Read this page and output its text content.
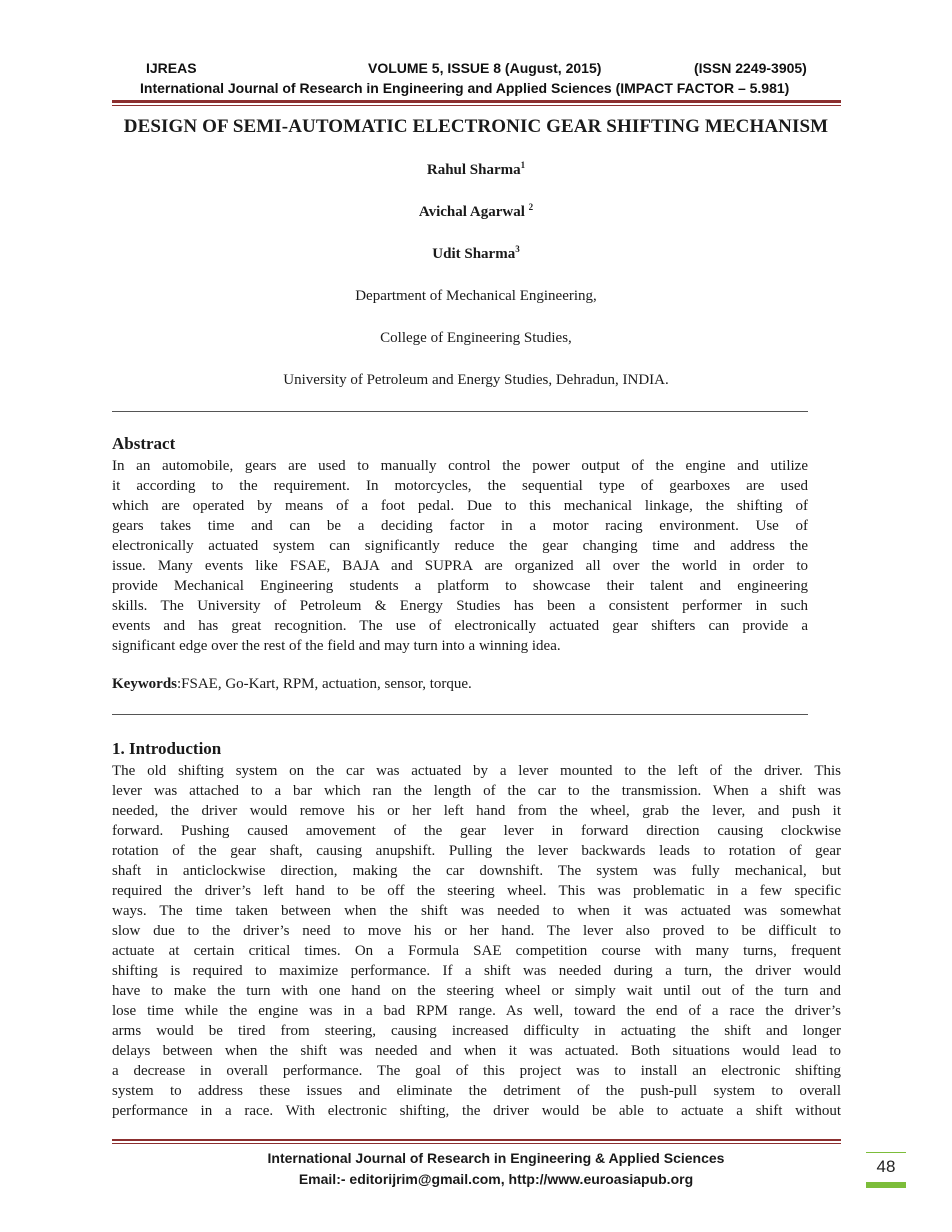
IJREAS	VOLUME 5, ISSUE 8 (August, 2015)	(ISSN 2249-3905)
International Journal of Research in Engineering and Applied Sciences (IMPACT FACTOR – 5.981)
DESIGN OF SEMI-AUTOMATIC ELECTRONIC GEAR SHIFTING MECHANISM
Rahul Sharma$^1$
Avichal Agarwal $^2$
Udit Sharma$^3$
Department of Mechanical Engineering,
College of Engineering Studies,
University of Petroleum and Energy Studies, Dehradun, INDIA.
Abstract
In an automobile, gears are used to manually control the power output of the engine and utilize
it according to the requirement. In motorcycles, the sequential type of gearboxes are used
which are operated by means of a foot pedal. Due to this mechanical linkage, the shifting of
gears takes time and can be a deciding factor in a motor racing environment. Use of
electronically actuated system can significantly reduce the gear changing time and address the
issue. Many events like FSAE, BAJA and SUPRA are organized all over the world in order to
provide Mechanical Engineering students a platform to showcase their talent and engineering
skills. The University of Petroleum & Energy Studies has been a consistent performer in such
events and has great recognition. The use of electronically actuated gear shifters can provide a
significant edge over the rest of the field and may turn into a winning idea.
Keywords:FSAE, Go-Kart, RPM, actuation, sensor, torque.
1. Introduction
The old shifting system on the car was actuated by a lever mounted to the left of the driver. This
lever was attached to a bar which ran the length of the car to the transmission. When a shift was
needed, the driver would remove his or her left hand from the wheel, grab the lever, and push it
forward. Pushing caused amovement of the gear lever in forward direction causing clockwise
rotation of the gear shaft, causing anupshift. Pulling the lever backwards leads to rotation of gear
shaft in anticlockwise direction, making the car downshift. The system was fully mechanical, but
required the driver’s left hand to be off the steering wheel. This was problematic in a few specific
ways. The time taken between when the shift was needed to when it was actuated was somewhat
slow due to the driver’s need to move his or her hand. The lever also proved to be difficult to
actuate at certain critical times. On a Formula SAE competition course with many turns, frequent
shifting is required to maximize performance. If a shift was needed during a turn, the driver would
have to make the turn with one hand on the steering wheel or simply wait until out of the turn and
lose time while the engine was in a bad RPM range. As well, toward the end of a race the driver’s
arms would be tired from steering, causing increased difficulty in actuating the shift and longer
delays between when the shift was needed and when it was actuated. Both situations would lead to
a decrease in overall performance. The goal of this project was to install an electronic shifting
system to address these issues and eliminate the detriment of the push-pull system to overall
performance in a race. With electronic shifting, the driver would be able to actuate a shift without
International Journal of Research in Engineering & Applied Sciences
Email:- editorijrim@gmail.com, http://www.euroasiapub.org
48
